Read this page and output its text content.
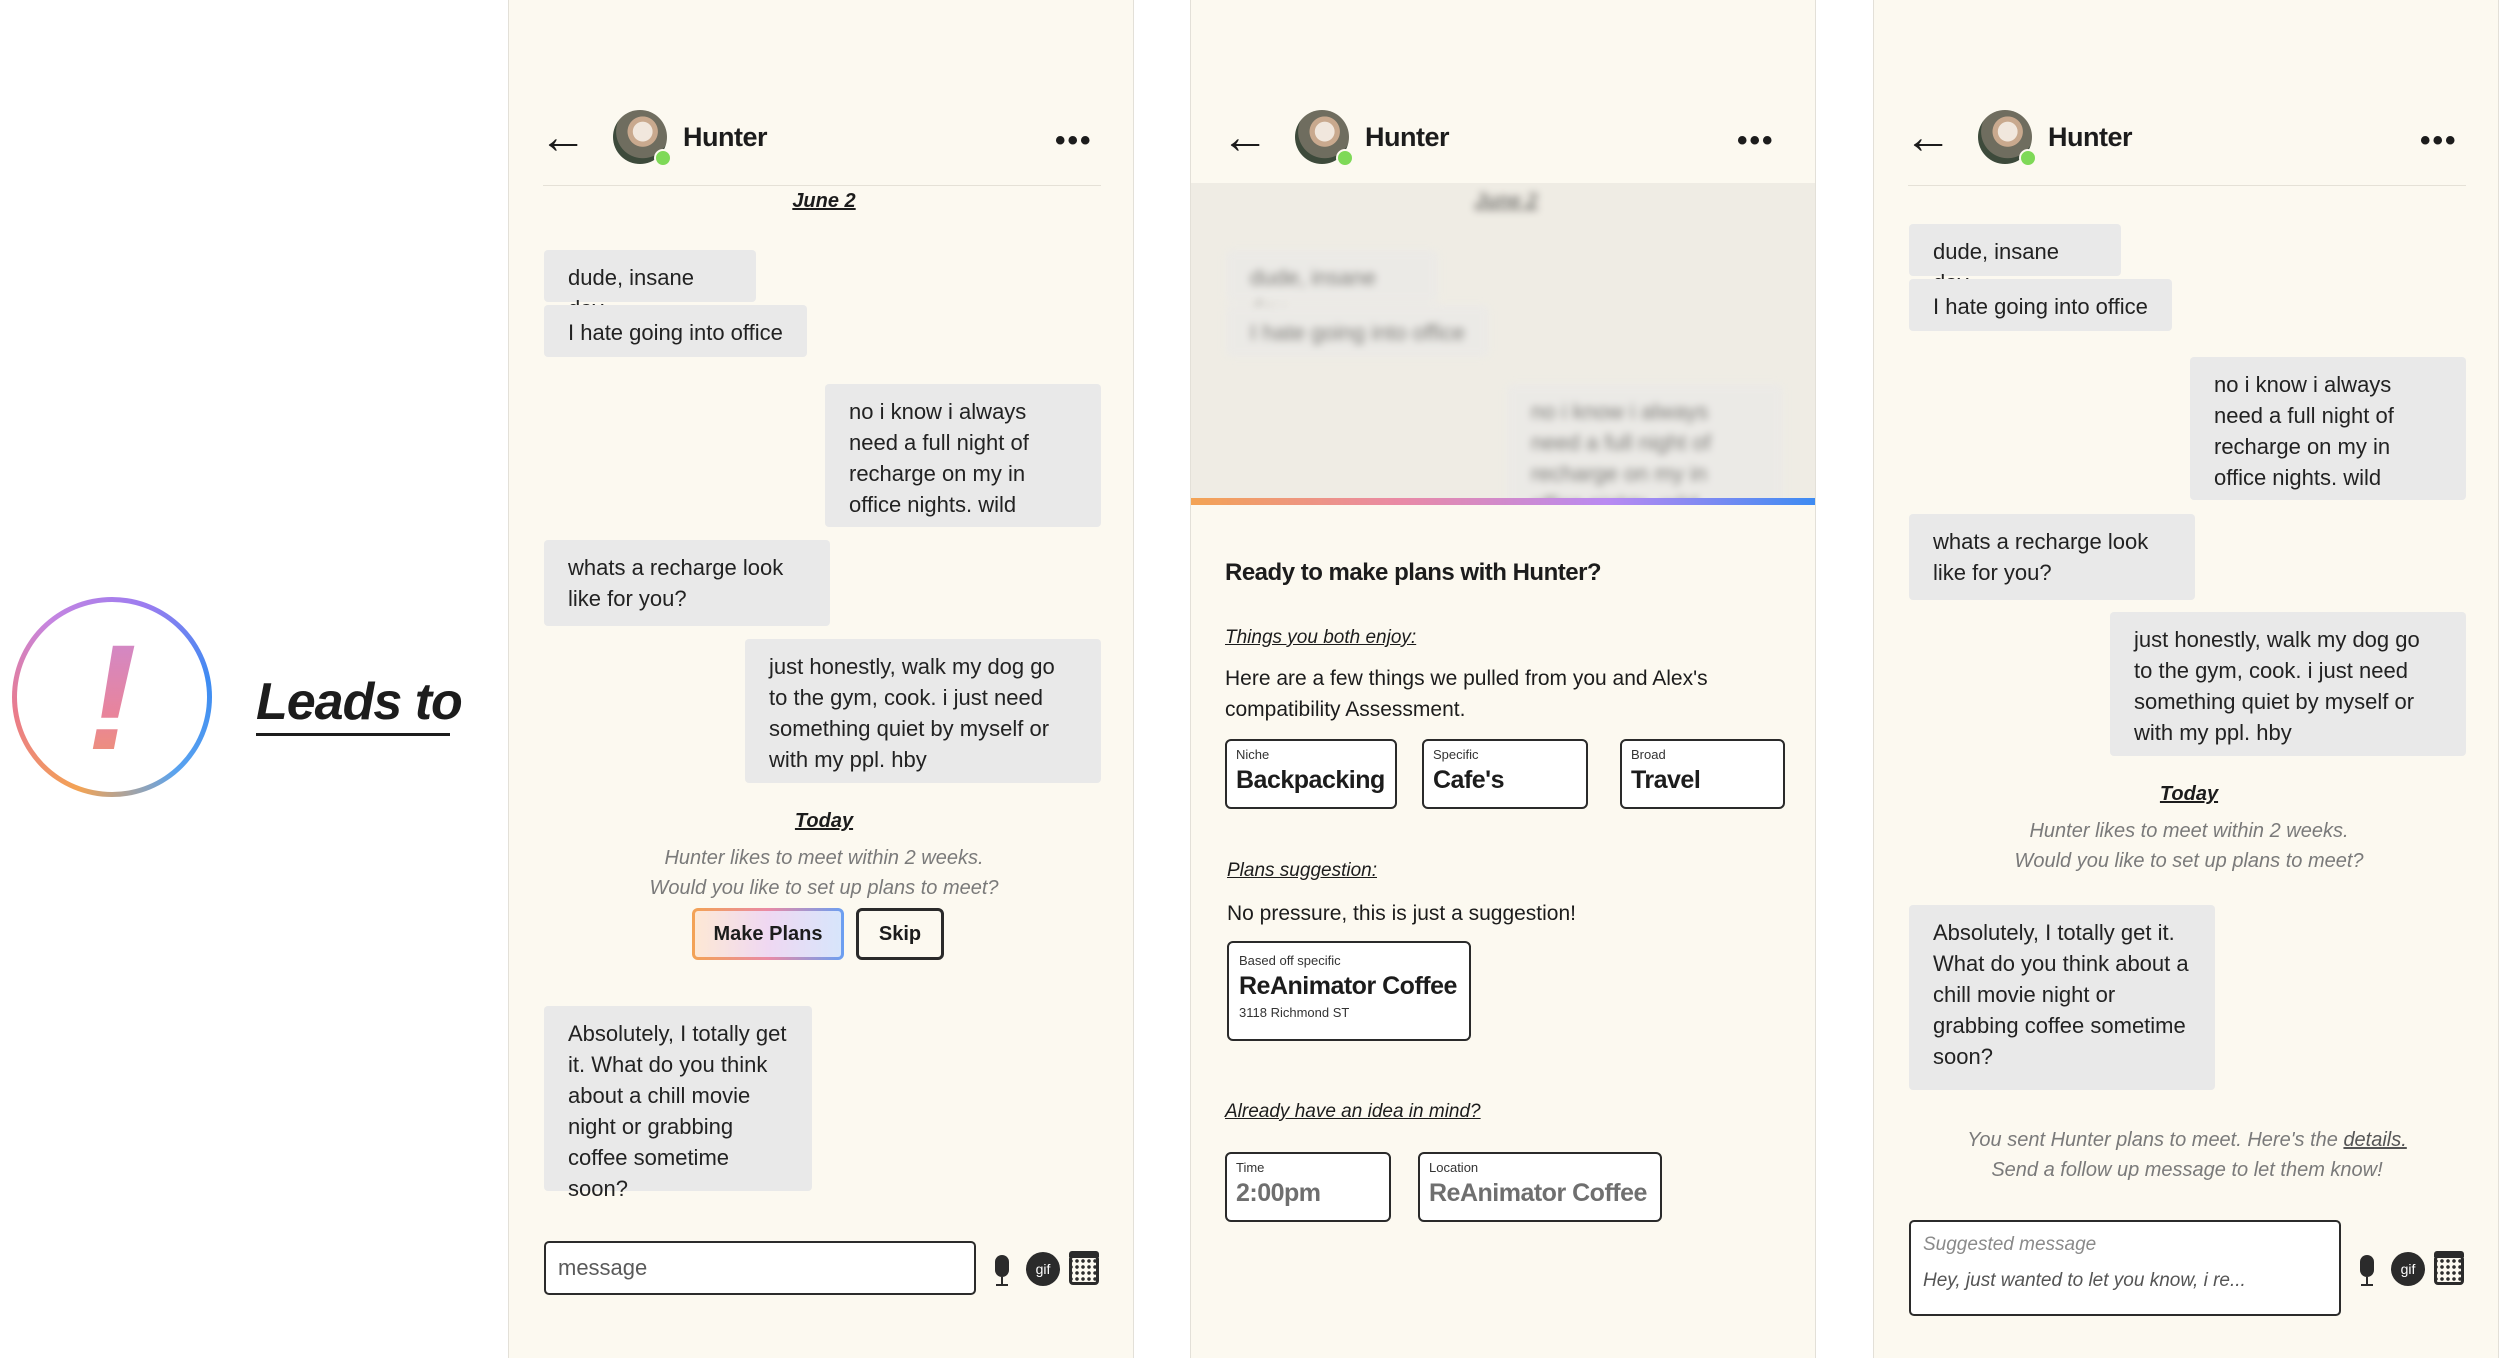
!	Leads to
←	Hunter	•••
June 2
dude, insane
I hate going into office
no i know i always need a full night of recharge on my in office nights. wild
whats a recharge look like for you?
just honestly, walk my dog go to the gym, cook. i just need something quiet by myself or with my ppl. hby
Today
Hunter likes to meet within 2 weeks.
Would you like to set up plans to meet?
Make Plans	Skip
Absolutely, I totally get it. What do you think about a chill movie night or grabbing coffee sometime soon?
message	gif
←	Hunter	•••
June 2
dude, insane
I hate going into office
no i know i always need a full night of recharge on my in
Ready to make plans with Hunter?
Things you both enjoy:
Here are a few things we pulled from you and Alex's compatibility Assessment.
Niche
Backpacking
Specific
Cafe's
Broad
Travel
Plans suggestion:
No pressure, this is just a suggestion!
Based off specific
ReAnimator Coffee
3118 Richmond ST
Already have an idea in mind?
Time
2:00pm
Location
ReAnimator Coffee
←	Hunter	•••
dude, insane
I hate going into office
no i know i always need a full night of recharge on my in office nights. wild
whats a recharge look like for you?
just honestly, walk my dog go to the gym, cook. i just need something quiet by myself or with my ppl. hby
Today
Hunter likes to meet within 2 weeks.
Would you like to set up plans to meet?
Absolutely, I totally get it. What do you think about a chill movie night or grabbing coffee sometime soon?
You sent Hunter plans to meet. Here's the details.
Send a follow up message to let them know!
Suggested message
Hey, just wanted to let you know, i re...
gif
